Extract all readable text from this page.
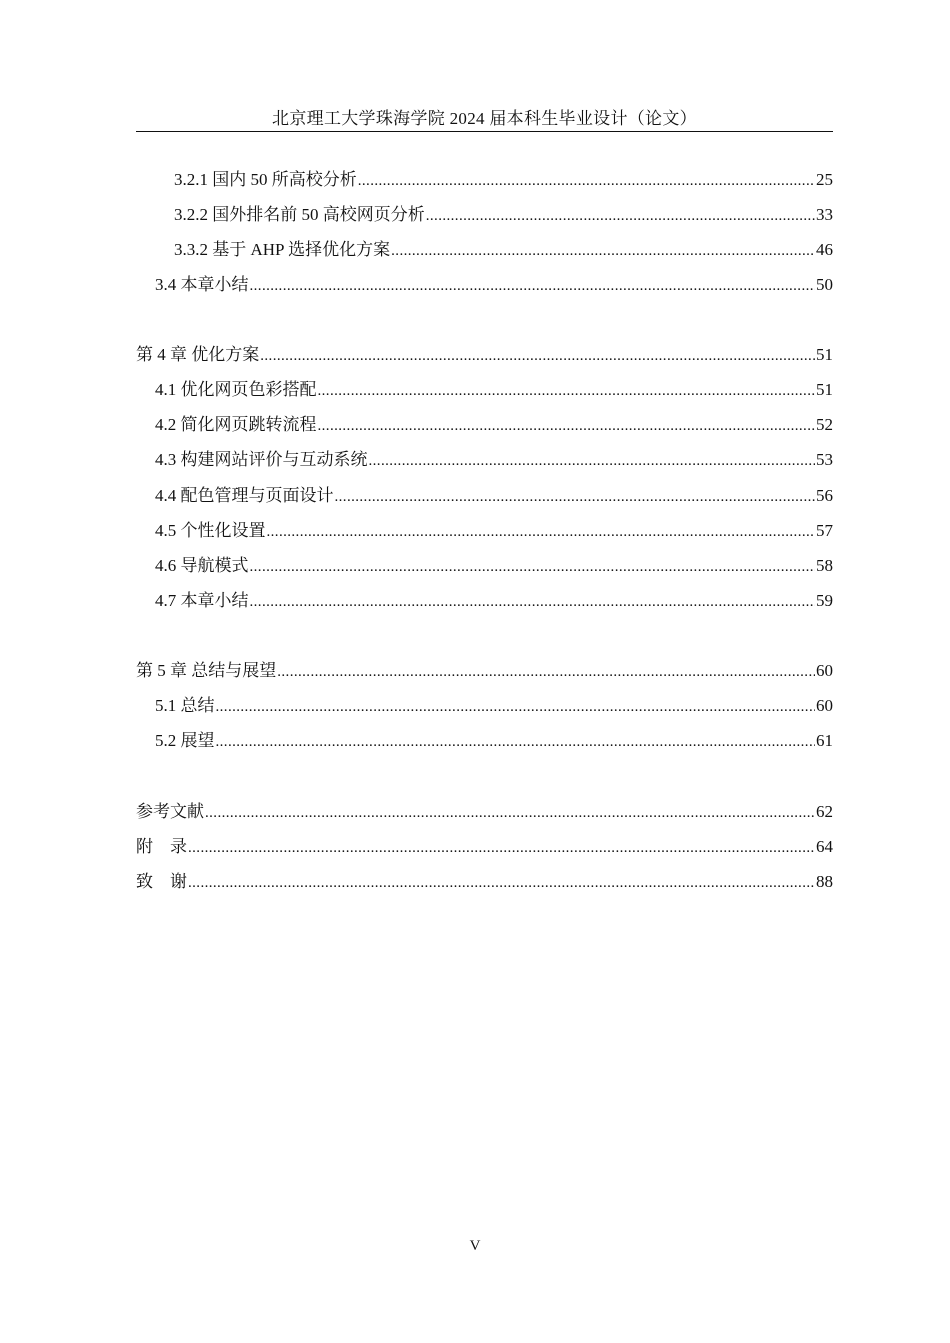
北京理工大学珠海学院 2024 届本科生毕业设计（论文）
3.2.1 国内 50 所高校分析 .....	25
3.2.2 国外排名前 50 高校网页分析 .....	33
3.3.2 基于 AHP 选择优化方案 .....	46
3.4 本章小结 .....	50
第 4 章 优化方案 .....	51
4.1 优化网页色彩搭配 .....	51
4.2 简化网页跳转流程 .....	52
4.3 构建网站评价与互动系统 .....	53
4.4 配色管理与页面设计 .....	56
4.5 个性化设置 .....	57
4.6 导航模式 .....	58
4.7 本章小结 .....	59
第 5 章 总结与展望 .....	60
5.1 总结 .....	60
5.2 展望 .....	61
参考文献 .....	62
附    录 .....	64
致    谢 .....	88
V
